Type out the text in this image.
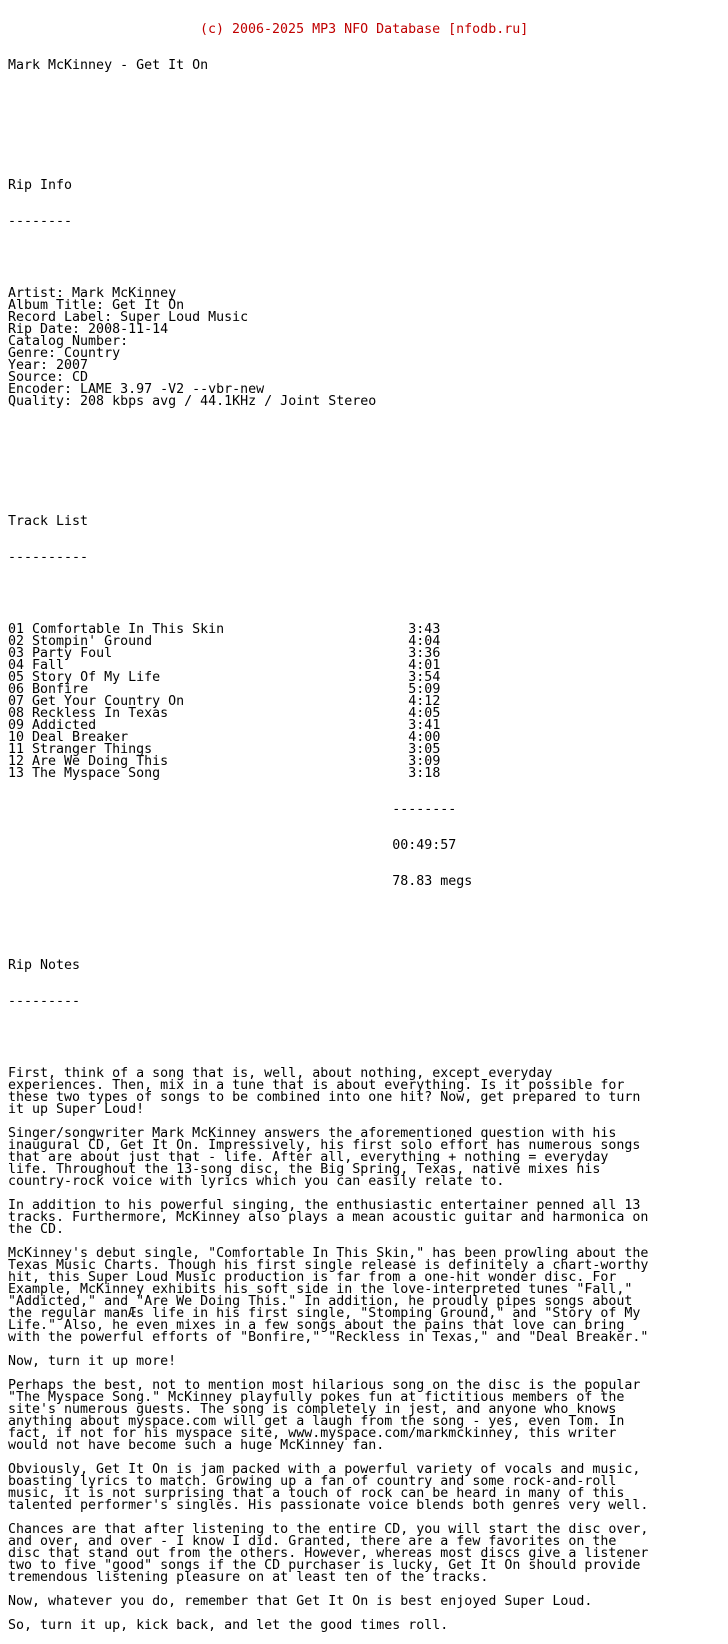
(c) 2006-2025 MP3 NFO Database [nfodb.ru]

Mark McKinney - Get It On

Rip Info

--------

Artist: Mark McKinney
Album Title: Get It On
Record Label: Super Loud Music
Rip Date: 2008-11-14
Catalog Number:
Genre: Country
Year: 2007
Source: CD
Encoder: LAME 3.97 -V2 --vbr-new
Quality: 208 kbps avg / 44.1KHz / Joint Stereo

Track List

----------

01 Comfortable In This Skin                       3:43
02 Stompin' Ground                                4:04
03 Party Foul                                     3:36
04 Fall                                           4:01
05 Story Of My Life                               3:54
06 Bonfire                                        5:09
07 Get Your Country On                            4:12
08 Reckless In Texas                              4:05
09 Addicted                                       3:41
10 Deal Breaker                                   4:00
11 Stranger Things                                3:05
12 Are We Doing This                              3:09
13 The Myspace Song                               3:18

--------

00:49:57

78.83 megs

Rip Notes

---------

First, think of a song that is, well, about nothing, except everyday
experiences. Then, mix in a tune that is about everything. Is it possible for
these two types of songs to be combined into one hit? Now, get prepared to turn
it up Super Loud!
Singer/songwriter Mark McKinney answers the aforementioned question with his
inaugural CD, Get It On. Impressively, his first solo effort has numerous songs
that are about just that - life. After all, everything + nothing = everyday
life. Throughout the 13-song disc, the Big Spring, Texas, native mixes his
country-rock voice with lyrics which you can easily relate to.
In addition to his powerful singing, the enthusiastic entertainer penned all 13
tracks. Furthermore, McKinney also plays a mean acoustic guitar and harmonica on
the CD.
McKinney's debut single, "Comfortable In This Skin," has been prowling about the
Texas Music Charts. Though his first single release is definitely a chart-worthy
hit, this Super Loud Music production is far from a one-hit wonder disc. For
Example, McKinney exhibits his soft side in the love-interpreted tunes "Fall,"
"Addicted," and "Are We Doing This." In addition, he proudly pipes songs about
the regular manÆs life in his first single, "Stomping Ground," and "Story of My
Life." Also, he even mixes in a few songs about the pains that love can bring
with the powerful efforts of "Bonfire," "Reckless in Texas," and "Deal Breaker."
Now, turn it up more!
Perhaps the best, not to mention most hilarious song on the disc is the popular
"The Myspace Song." McKinney playfully pokes fun at fictitious members of the
site's numerous guests. The song is completely in jest, and anyone who knows
anything about myspace.com will get a laugh from the song - yes, even Tom. In
fact, if not for his myspace site, www.myspace.com/markmckinney, this writer
would not have become such a huge McKinney fan.
Obviously, Get It On is jam packed with a powerful variety of vocals and music,
boasting lyrics to match. Growing up a fan of country and some rock-and-roll
music, it is not surprising that a touch of rock can be heard in many of this
talented performer's singles. His passionate voice blends both genres very well.
Chances are that after listening to the entire CD, you will start the disc over,
and over, and over - I know I did. Granted, there are a few favorites on the
disc that stand out from the others. However, whereas most discs give a listener
two to five "good" songs if the CD purchaser is lucky, Get It On should provide
tremendous listening pleasure on at least ten of the tracks.
Now, whatever you do, remember that Get It On is best enjoyed Super Loud.
So, turn it up, kick back, and let the good times roll.
